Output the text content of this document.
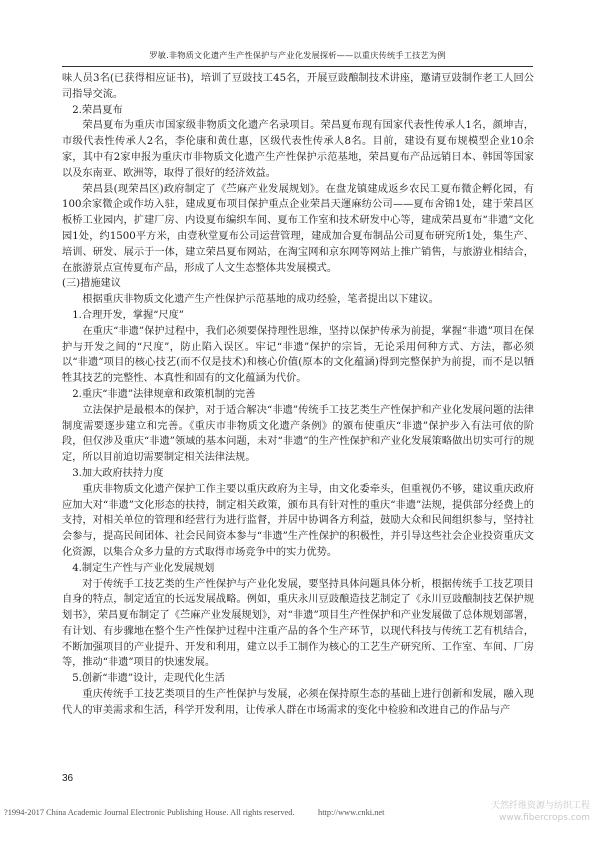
罗敏.非物质文化遗产生产性保护与产业化发展探析——以重庆传统手工技艺为例

味人员3名(已获得相应证书)，培训了豆豉技工45名，开展豆豉酿制技术讲座，邀请豆豉制作老工人回公司指导交流。

2.荣昌夏布

荣昌夏布为重庆市国家级非物质文化遗产名录项目。荣昌夏布现有国家代表性传承人1名，颜坤吉，市级代表性传承人2名，李伦康和黄仕惠，区级代表性传承人8名。目前，建设有夏布规模型企业10余家，其中有2家申报为重庆市非物质文化遗产生产性保护示范基地，荣昌夏布产品远销日本、韩国等国家以及东南亚、欧洲等，取得了很好的经济效益。

荣昌县(现荣昌区)政府制定了《苎麻产业发展规划》。在盘龙镇建成返乡农民工夏布微企孵化园，有100余家微企或作坊入驻，建成夏布项目保护重点企业荣昌天運麻纺公司——夏布舍锦1处，建于荣昌区板桥工业园内，扩建厂房、内设夏布编织车间、夏布工作室和技术研发中心等，建成荣昌夏布“非遗”文化园1处，约1500平方米，由壹秋堂夏布公司运营管理，建成加合夏布制品公司夏布研究所1处，集生产、培训、研发、展示于一体，建立荣昌夏布网站，在淘宝网和京东网等网站上推广销售，与旅游业相结合，在旅游景点宣传夏布产品，形成了人文生态整体共发展模式。

(三)措施建议

根据重庆非物质文化遗产生产性保护示范基地的成功经验，笔者提出以下建议。

1.合理开发，掌握“尺度”

在重庆“非遗”保护过程中，我们必须要保持理性思维，坚持以保护传承为前提，掌握“非遗”项目在保护与开发之间的“尺度”，防止陷入误区。牢记“非遗”保护的宗旨，无论采用何种方式、方法，都必须以“非遗”项目的核心技艺(而不仅是技术)和核心价值(原本的文化蕴涵)得到完整保护为前提，而不是以牺牲其技艺的完整性、本真性和固有的文化蕴涵为代价。

2.重庆“非遗”法律规章和政策机制的完善

立法保护是最根本的保护，对于适合解决“非遗”传统手工技艺类生产性保护和产业化发展问题的法律制度需要逐步建立和完善。《重庆市非物质文化遗产条例》的颁布使重庆“非遗”保护步入有法可依的阶段，但仅涉及重庆“非遗”领域的基本问题，未对“非遗”的生产性保护和产业化发展策略做出切实可行的规定，所以目前迫切需要制定相关法律法规。

3.加大政府扶持力度

重庆非物质文化遗产保护工作主要以重庆政府为主导，由文化委牵头，但重视仍不够，建议重庆政府应加大对“非遗”文化形态的扶持，制定相关政策，颁布具有针对性的重庆“非遗”法规，提供部分经费上的支持，对相关单位的管理和经营行为进行监督，并居中协调各方利益，鼓励大众和民间组织参与，坚持社会参与，提高民间团体、社会民间资本参与“非遗”生产性保护的积极性，并引导这些社会企业投资重庆文化资源，以集合众多力量的方式取得市场竞争中的实力优势。

4.制定生产性与产业化发展规划

对于传统手工技艺类的生产性保护与产业化发展，要坚持具体问题具体分析，根据传统手工技艺项目自身的特点，制定适宜的长远发展战略。例如，重庆永川豆豉酿造技艺制定了《永川豆豉酿制技艺保护规划书》，荣昌夏布制定了《苎麻产业发展规划》，对“非遗”项目生产性保护和产业发展做了总体规划部署，有计划、有步骤地在整个生产性保护过程中注重产品的各个生产环节，以现代科技与传统工艺有机结合，不断加强项目的产业提升、开发和利用，建立以手工制作为核心的工艺生产研究所、工作室、车间、厂房等，推动“非遗”项目的快速发展。

5.创新“非遗”设计，走现代化生活

重庆传统手工技艺类项目的生产性保护与发展，必须在保持原生态的基础上进行创新和发展，融入现代人的审美需求和生活，科学开发利用，让传承人群在市场需求的变化中检验和改进自己的作品与产

36
?1994-2017 China Academic Journal Electronic Publishing House. All rights reserved.	http://www.cnki.net
天然纤维资源与纺织工程
www.fibercrops.com
